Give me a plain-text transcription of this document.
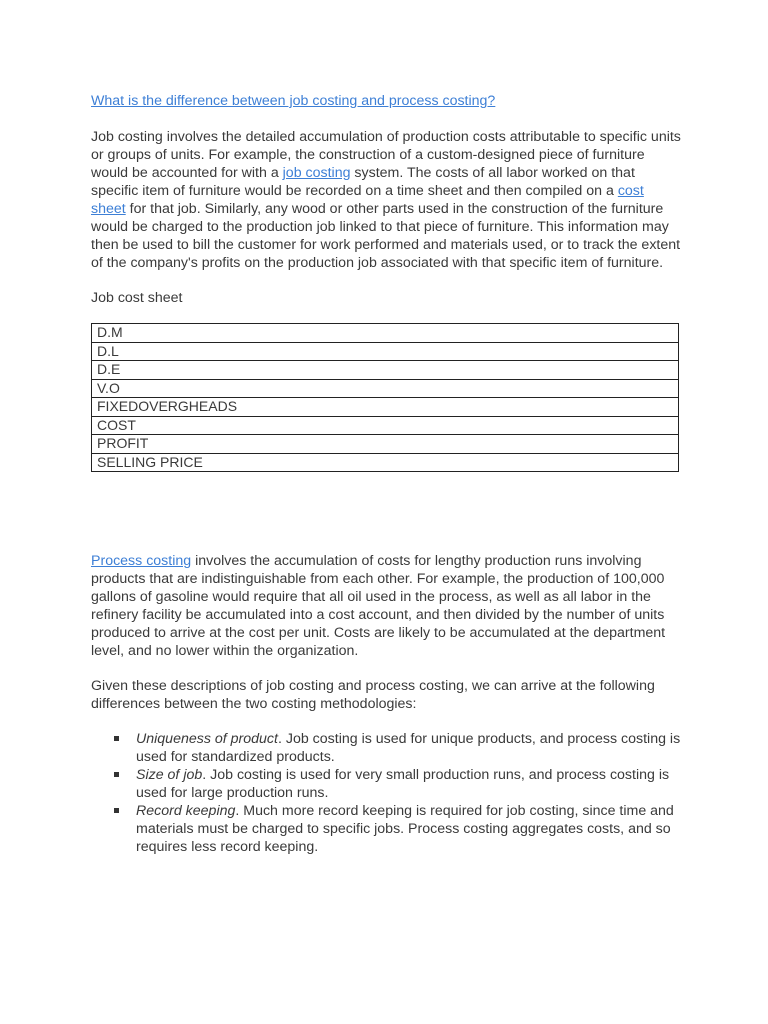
What is the difference between job costing and process costing?

Job costing involves the detailed accumulation of production costs attributable to specific units or groups of units. For example, the construction of a custom-designed piece of furniture would be accounted for with a job costing system. The costs of all labor worked on that specific item of furniture would be recorded on a time sheet and then compiled on a cost sheet for that job. Similarly, any wood or other parts used in the construction of the furniture would be charged to the production job linked to that piece of furniture. This information may then be used to bill the customer for work performed and materials used, or to track the extent of the company's profits on the production job associated with that specific item of furniture.

Job cost sheet

D.M
D.L
D.E
V.O
FIXEDOVERGHEADS
COST
PROFIT
SELLING PRICE

Process costing involves the accumulation of costs for lengthy production runs involving products that are indistinguishable from each other. For example, the production of 100,000 gallons of gasoline would require that all oil used in the process, as well as all labor in the refinery facility be accumulated into a cost account, and then divided by the number of units produced to arrive at the cost per unit. Costs are likely to be accumulated at the department level, and no lower within the organization.

Given these descriptions of job costing and process costing, we can arrive at the following differences between the two costing methodologies:

Uniqueness of product. Job costing is used for unique products, and process costing is used for standardized products.
Size of job. Job costing is used for very small production runs, and process costing is used for large production runs.
Record keeping. Much more record keeping is required for job costing, since time and materials must be charged to specific jobs. Process costing aggregates costs, and so requires less record keeping.
